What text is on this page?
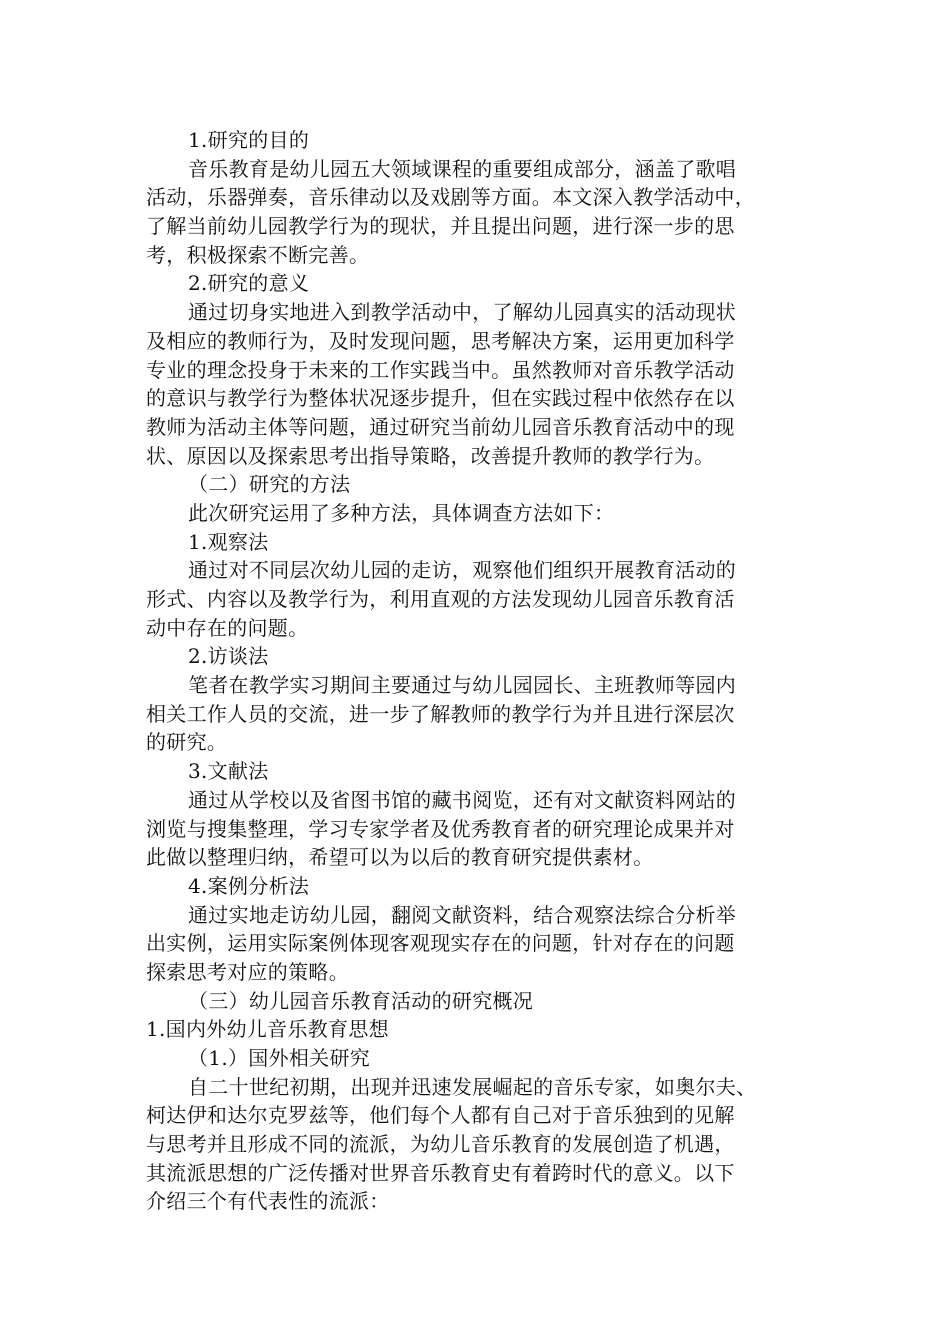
1.研究的目的
音乐教育是幼儿园五大领域课程的重要组成部分，涵盖了歌唱
活动，乐器弹奏，音乐律动以及戏剧等方面。本文深入教学活动中，
了解当前幼儿园教学行为的现状，并且提出问题，进行深一步的思
考，积极探索不断完善。
2.研究的意义
通过切身实地进入到教学活动中，了解幼儿园真实的活动现状
及相应的教师行为，及时发现问题，思考解决方案，运用更加科学
专业的理念投身于未来的工作实践当中。虽然教师对音乐教学活动
的意识与教学行为整体状况逐步提升，但在实践过程中依然存在以
教师为活动主体等问题，通过研究当前幼儿园音乐教育活动中的现
状、原因以及探索思考出指导策略，改善提升教师的教学行为。
（二）研究的方法
此次研究运用了多种方法，具体调查方法如下：
1.观察法
通过对不同层次幼儿园的走访，观察他们组织开展教育活动的
形式、内容以及教学行为，利用直观的方法发现幼儿园音乐教育活
动中存在的问题。
2.访谈法
笔者在教学实习期间主要通过与幼儿园园长、主班教师等园内
相关工作人员的交流，进一步了解教师的教学行为并且进行深层次
的研究。
3.文献法
通过从学校以及省图书馆的藏书阅览，还有对文献资料网站的
浏览与搜集整理，学习专家学者及优秀教育者的研究理论成果并对
此做以整理归纳，希望可以为以后的教育研究提供素材。
4.案例分析法
通过实地走访幼儿园，翻阅文献资料，结合观察法综合分析举
出实例，运用实际案例体现客观现实存在的问题，针对存在的问题
探索思考对应的策略。
（三）幼儿园音乐教育活动的研究概况
1.国内外幼儿音乐教育思想
（1.）国外相关研究
自二十世纪初期，出现并迅速发展崛起的音乐专家，如奥尔夫、
柯达伊和达尔克罗兹等，他们每个人都有自己对于音乐独到的见解
与思考并且形成不同的流派，为幼儿音乐教育的发展创造了机遇，
其流派思想的广泛传播对世界音乐教育史有着跨时代的意义。以下
介绍三个有代表性的流派：
